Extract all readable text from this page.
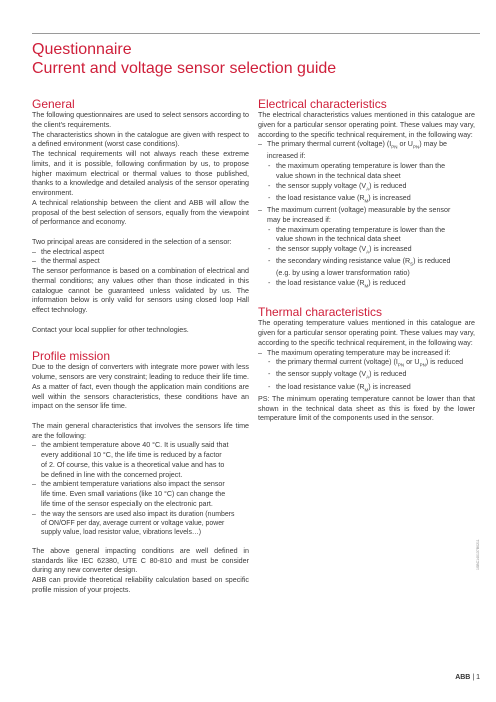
Questionnaire
Current and voltage sensor selection guide
General

The following questionnaires are used to select sensors according to the client's requirements.

The characteristics shown in the catalogue are given with respect to a defined environment (worst case conditions).

The technical requirements will not always reach these extreme limits, and it is possible, following confirmation by us, to propose higher maximum electrical or thermal values to those published, thanks to a knowledge and detailed analysis of the sensor operating environment.

A technical relationship between the client and ABB will allow the proposal of the best selection of sensors, equally from the viewpoint of performance and economy.

Two principal areas are considered in the selection of a sensor:

– the electrical aspect
– the thermal aspect

The sensor performance is based on a combination of electrical and thermal conditions; any values other than those indicated in this catalogue cannot be guaranteed unless validated by us. The information below is only valid for sensors using closed loop Hall effect technology.

Contact your local supplier for other technologies.

Profile mission

Due to the design of converters with integrate more power with less volume, sensors are very constraint; leading to reduce their life time. As a matter of fact, even though the application main conditions are well within the sensors characteristics, these conditions have an impact on the sensor life time.

The main general characteristics that involves the sensors life time are the following:

– the ambient temperature above 40 °C. It is usually said that
every additional 10 °C, the life time is reduced by a factor
of 2. Of course, this value is a theoretical value and has to
be defined in line with the concerned project.
– the ambient temperature variations also impact the sensor
life time. Even small variations (like 10 °C) can change the
life time of the sensor especially on the electronic part.
– the way the sensors are used also impact its duration (numbers
of ON/OFF per day, average current or voltage value, power
supply value, load resistor value, vibrations levels…)

The above general impacting conditions are well defined in standards like IEC 62380, UTE C 80-810 and must be consider during any new converter design.

ABB can provide theoretical reliability calculation based on specific profile mission of your projects.

Electrical characteristics

The electrical characteristics values mentioned in this catalogue are given for a particular sensor operating point. These values may vary, according to the specific technical requirement, in the following way:

– The primary thermal current (voltage) ($I_{PN}$ or $U_{PN}$) may be
increased if:
- the maximum operating temperature is lower than the
value shown in the technical data sheet
- the sensor supply voltage $(V_A)$ is reduced
- the load resistance value $(R_M)$ is increased
– The maximum current (voltage) measurable by the sensor
may be increased if:
- the maximum operating temperature is lower than the
value shown in the technical data sheet
- the sensor supply voltage $(V_A)$ is increased
- the secondary winding resistance value $(R_S)$ is reduced
(e.g. by using a lower transformation ratio)
- the load resistance value $(R_M)$ is reduced
Thermal characteristics

The operating temperature values mentioned in this catalogue are given for a particular sensor operating point. These values may vary, according to the specific technical requirement, in the following way:

– The maximum operating temperature may be increased if:
- the primary thermal current (voltage) ($I_{PN}$ or $U_{PN}$) is reduced
- the sensor supply voltage $(V_A)$ is reduced
- the load resistance value $(R_M)$ is increased

PS: The minimum operating temperature cannot be lower than that shown in the technical data sheet as this is fixed by the lower temperature limit of the components used in the sensor.

1SBC140137B0211
ABB | 1
